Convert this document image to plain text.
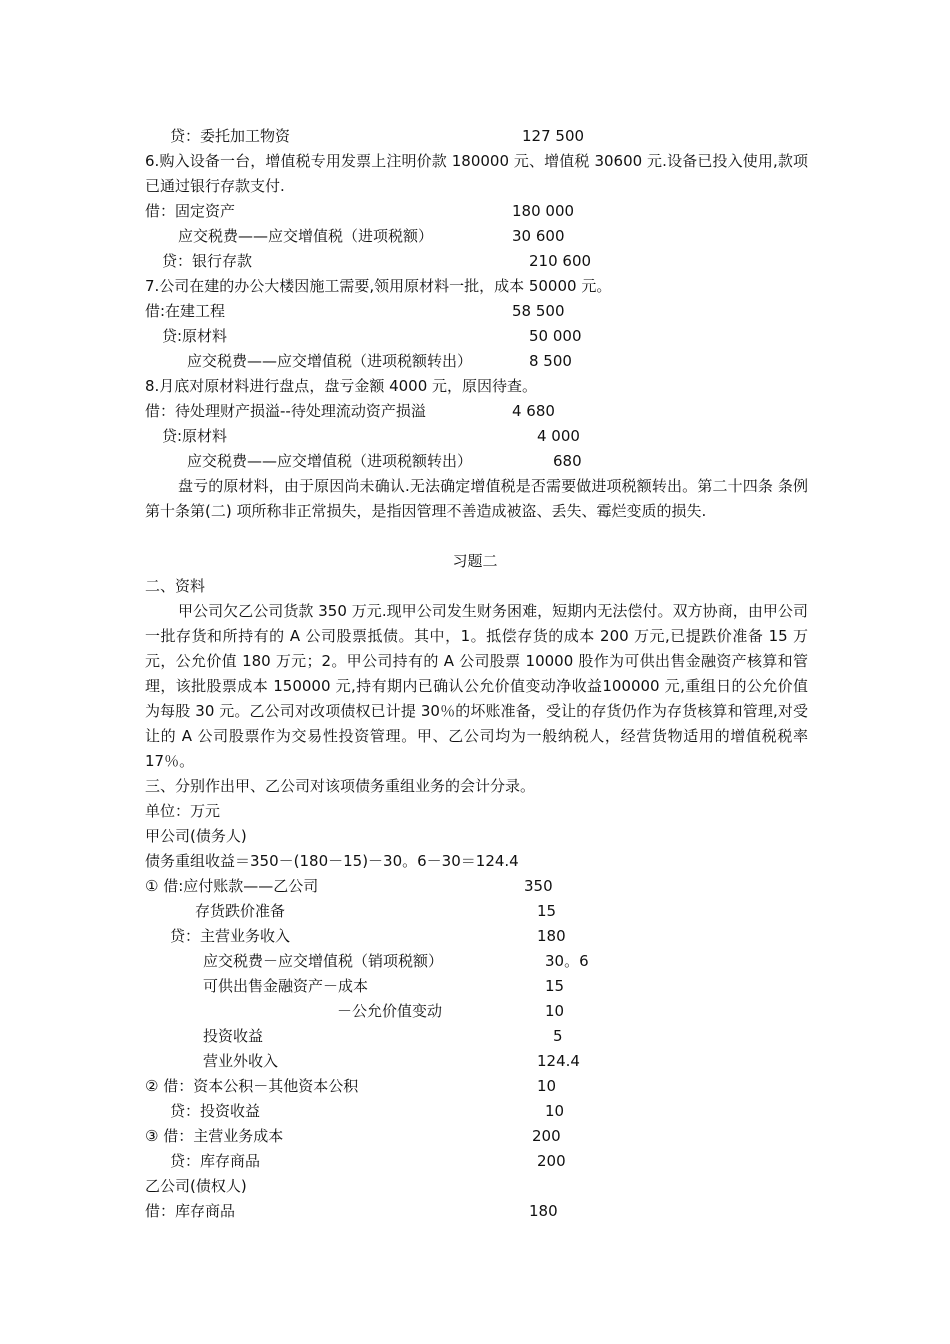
贷：委托加工物资	127 500

6.购入设备一台，增值税专用发票上注明价款 180000 元、增值税 30600 元.设备已投入使用,款项已通过银行存款支付.

借：固定资产	180 000
应交税费——应交增值税（进项税额）	30 600
贷：银行存款	210 600
7.公司在建的办公大楼因施工需要,领用原材料一批，成本 50000 元。
借:在建工程	58 500
贷:原材料	50 000
应交税费——应交增值税（进项税额转出）	8 500
8.月底对原材料进行盘点，盘亏金额 4000 元，原因待查。
借：待处理财产损溢--待处理流动资产损溢	4 680
贷:原材料	4 000
应交税费——应交增值税（进项税额转出）	680

盘亏的原材料，由于原因尚未确认.无法确定增值税是否需要做进项税额转出。第二十四条 条例第十条第(二) 项所称非正常损失，是指因管理不善造成被盗、丢失、霉烂变质的损失.

习题二
二、资料

甲公司欠乙公司货款 350 万元.现甲公司发生财务困难，短期内无法偿付。双方协商，由甲公司一批存货和所持有的 A 公司股票抵债。其中，1。抵偿存货的成本 200 万元,已提跌价准备 15 万元，公允价值 180 万元；2。甲公司持有的 A 公司股票 10000 股作为可供出售金融资产核算和管理，该批股票成本 150000 元,持有期内已确认公允价值变动净收益100000 元,重组日的公允价值为每股 30 元。乙公司对改项债权已计提 30％的坏账准备，受让的存货仍作为存货核算和管理,对受让的 A 公司股票作为交易性投资管理。甲、乙公司均为一般纳税人，经营货物适用的增值税税率 17％。

三、分别作出甲、乙公司对该项债务重组业务的会计分录。
单位：万元
甲公司(债务人)
债务重组收益＝350－(180－15)－30。6－30＝124.4
① 借:应付账款——乙公司	350
存货跌价准备	15
贷：主营业务收入	180
应交税费－应交增值税（销项税额）	30。6
可供出售金融资产－成本	15
－公允价值变动	10
投资收益	5
营业外收入	124.4
② 借：资本公积－其他资本公积	10
贷：投资收益	10
③ 借：主营业务成本	200
贷：库存商品	200
乙公司(债权人)
借：库存商品	180
